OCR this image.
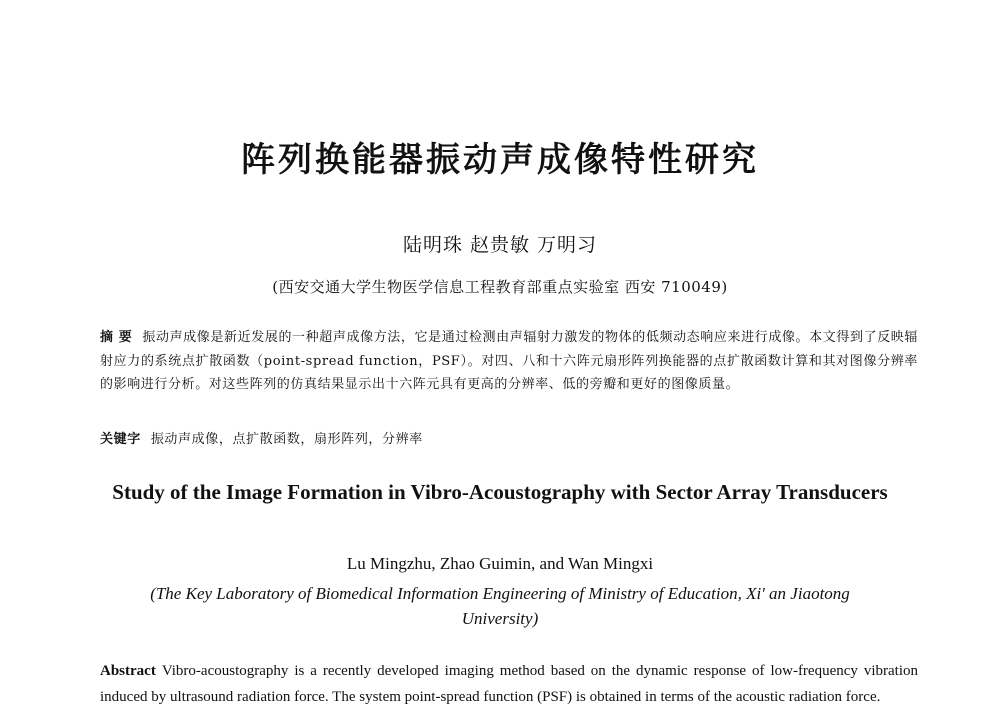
阵列换能器振动声成像特性研究
陆明珠 赵贵敏 万明习
(西安交通大学生物医学信息工程教育部重点实验室 西安 710049)
摘 要 振动声成像是新近发展的一种超声成像方法，它是通过检测由声辐射力激发的物体的低频动态响应来进行成像。本文得到了反映辐射应力的系统点扩散函数（point-spread function，PSF）。对四、八和十六阵元扇形阵列换能器的点扩散函数计算和其对图像分辨率的影响进行分析。对这些阵列的仿真结果显示出十六阵元具有更高的分辨率、低的旁瓣和更好的图像质量。
关键字 振动声成像，点扩散函数，扇形阵列，分辨率
Study of the Image Formation in Vibro-Acoustography with Sector Array Transducers
Lu Mingzhu, Zhao Guimin, and Wan Mingxi
(The Key Laboratory of Biomedical Information Engineering of Ministry of Education, Xi' an Jiaotong University)
Abstract Vibro-acoustography is a recently developed imaging method based on the dynamic response of low-frequency vibration induced by ultrasound radiation force. The system point-spread function (PSF) is obtained in terms of the acoustic radiation force.
